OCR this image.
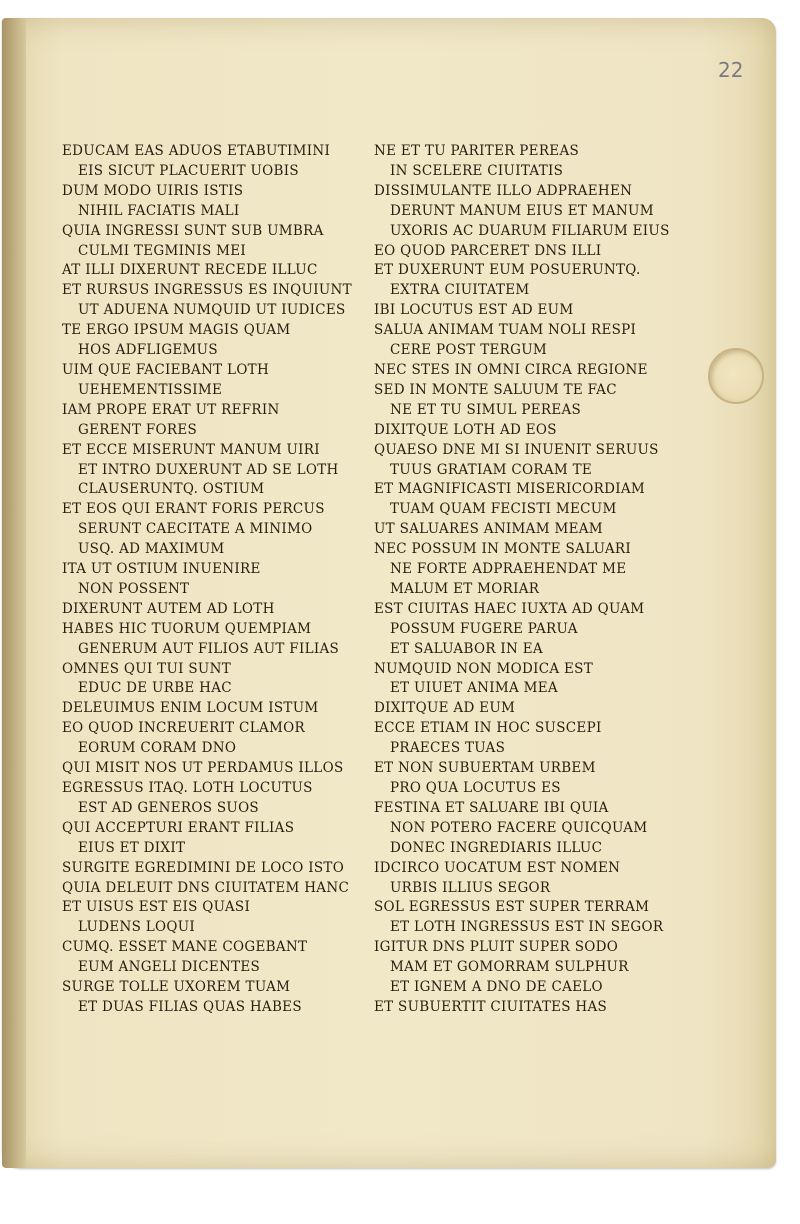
22
EDUCAM EAS ADUOS ETABUTIMINI
EIS SICUT PLACUERIT UOBIS
DUM MODO UIRIS ISTIS
NIHIL FACIATIS MALI
QUIA INGRESSI SUNT SUB UMBRA
CULMI TEGMINIS MEI
AT ILLI DIXERUNT RECEDE ILLUC
ET RURSUS INGRESSUS ES INQUIUNT
UT ADUENA NUMQUID UT IUDICES
TE ERGO IPSUM MAGIS QUAM
HOS ADFLIGEMUS
UIM QUE FACIEBANT LOTH
UEHEMENTISSIME
IAM PROPE ERAT UT REFRIN
GERENT FORES
ET ECCE MISERUNT MANUM UIRI
ET INTRO DUXERUNT AD SE LOTH
CLAUSERUNTQ. OSTIUM
ET EOS QUI ERANT FORIS PERCUS
SERUNT CAECITATE A MINIMO
USQ. AD MAXIMUM
ITA UT OSTIUM INUENIRE
NON POSSENT
DIXERUNT AUTEM AD LOTH
HABES HIC TUORUM QUEMPIAM
GENERUM AUT FILIOS AUT FILIAS
OMNES QUI TUI SUNT
EDUC DE URBE HAC
DELEUIMUS ENIM LOCUM ISTUM
EO QUOD INCREUERIT CLAMOR
EORUM CORAM DNO
QUI MISIT NOS UT PERDAMUS ILLOS
EGRESSUS ITAQ. LOTH LOCUTUS
EST AD GENEROS SUOS
QUI ACCEPTURI ERANT FILIAS
EIUS ET DIXIT
SURGITE EGREDIMINI DE LOCO ISTO
QUIA DELEUIT DNS CIUITATEM HANC
ET UISUS EST EIS QUASI
LUDENS LOQUI
CUMQ. ESSET MANE COGEBANT
EUM ANGELI DICENTES
SURGE TOLLE UXOREM TUAM
ET DUAS FILIAS QUAS HABES
NE ET TU PARITER PEREAS
IN SCELERE CIUITATIS
DISSIMULANTE ILLO ADPRAEHEN
DERUNT MANUM EIUS ET MANUM
UXORIS AC DUARUM FILIARUM EIUS
EO QUOD PARCERET DNS ILLI
ET DUXERUNT EUM POSUERUNTQ.
EXTRA CIUITATEM
IBI LOCUTUS EST AD EUM
SALUA ANIMAM TUAM NOLI RESPI
CERE POST TERGUM
NEC STES IN OMNI CIRCA REGIONE
SED IN MONTE SALUUM TE FAC
NE ET TU SIMUL PEREAS
DIXITQUE LOTH AD EOS
QUAESO DNE MI SI INUENIT SERUUS
TUUS GRATIAM CORAM TE
ET MAGNIFICASTI MISERICORDIAM
TUAM QUAM FECISTI MECUM
UT SALUARES ANIMAM MEAM
NEC POSSUM IN MONTE SALUARI
NE FORTE ADPRAEHENDAT ME
MALUM ET MORIAR
EST CIUITAS HAEC IUXTA AD QUAM
POSSUM FUGERE PARUA
ET SALUABOR IN EA
NUMQUID NON MODICA EST
ET UIUET ANIMA MEA
DIXITQUE AD EUM
ECCE ETIAM IN HOC SUSCEPI
PRAECES TUAS
ET NON SUBUERTAM URBEM
PRO QUA LOCUTUS ES
FESTINA ET SALUARE IBI QUIA
NON POTERO FACERE QUICQUAM
DONEC INGREDIARIS ILLUC
IDCIRCO UOCATUM EST NOMEN
URBIS ILLIUS SEGOR
SOL EGRESSUS EST SUPER TERRAM
ET LOTH INGRESSUS EST IN SEGOR
IGITUR DNS PLUIT SUPER SODO
MAM ET GOMORRAM SULPHUR
ET IGNEM A DNO DE CAELO
ET SUBUERTIT CIUITATES HAS
